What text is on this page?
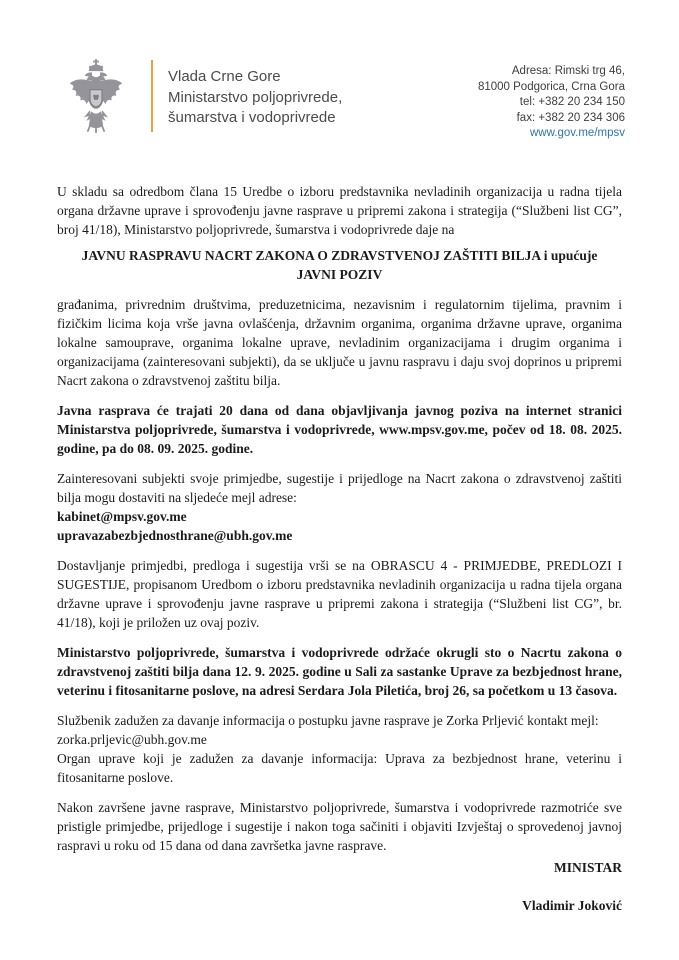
Vlada Crne Gore
Ministarstvo poljoprivrede,
šumarstva i vodoprivrede
Adresa: Rimski trg 46,
81000 Podgorica, Crna Gora
tel: +382 20 234 150
fax: +382 20 234 306
www.gov.me/mpsv

U skladu sa odredbom člana 15 Uredbe o izboru predstavnika nevladinih organizacija u radna tijela organa državne uprave i sprovođenju javne rasprave u pripremi zakona i strategija (“Službeni list CG”, broj 41/18), Ministarstvo poljoprivrede, šumarstva i vodoprivrede daje na

JAVNU RASPRAVU NACRT ZAKONA O ZDRAVSTVENOJ ZAŠTITI BILJA i upućuje
JAVNI POZIV

građanima, privrednim društvima, preduzetnicima, nezavisnim i regulatornim tijelima, pravnim i fizičkim licima koja vrše javna ovlašćenja, državnim organima, organima državne uprave, organima lokalne samouprave, organima lokalne uprave, nevladinim organizacijama i drugim organima i organizacijama (zainteresovani subjekti), da se uključe u javnu raspravu i daju svoj doprinos u pripremi Nacrt zakona o zdravstvenoj zaštitu bilja.

Javna rasprava će trajati 20 dana od dana objavljivanja javnog poziva na internet stranici Ministarstva poljoprivrede, šumarstva i vodoprivrede, www.mpsv.gov.me, počev od 18. 08. 2025. godine, pa do 08. 09. 2025. godine.

Zainteresovani subjekti svoje primjedbe, sugestije i prijedloge na Nacrt zakona o zdravstvenoj zaštiti bilja mogu dostaviti na sljedeće mejl adrese:

kabinet@mpsv.gov.me
upravazabezbjednosthrane@ubh.gov.me

Dostavljanje primjedbi, predloga i sugestija vrši se na OBRASCU 4 - PRIMJEDBE, PREDLOZI I SUGESTIJE, propisanom Uredbom o izboru predstavnika nevladinih organizacija u radna tijela organa državne uprave i sprovođenju javne rasprave u pripremi zakona i strategija (“Službeni list CG”, br. 41/18), koji je priložen uz ovaj poziv.

Ministarstvo poljoprivrede, šumarstva i vodoprivrede održaće okrugli sto o Nacrtu zakona o zdravstvenoj zaštiti bilja dana 12. 9. 2025. godine u Sali za sastanke Uprave za bezbjednost hrane, veterinu i fitosanitarne poslove, na adresi Serdara Jola Piletića, broj 26, sa početkom u 13 časova.

Službenik zadužen za davanje informacija o postupku javne rasprave je Zorka Prljević kontakt mejl:

zorka.prljevic@ubh.gov.me

Organ uprave koji je zadužen za davanje informacija: Uprava za bezbjednost hrane, veterinu i fitosanitarne poslove.

Nakon završene javne rasprave, Ministarstvo poljoprivrede, šumarstva i vodoprivrede razmotriće sve pristigle primjedbe, prijedloge i sugestije i nakon toga sačiniti i objaviti Izvještaj o sprovedenoj javnoj raspravi u roku od 15 dana od dana završetka javne rasprave.

MINISTAR
Vladimir Joković
